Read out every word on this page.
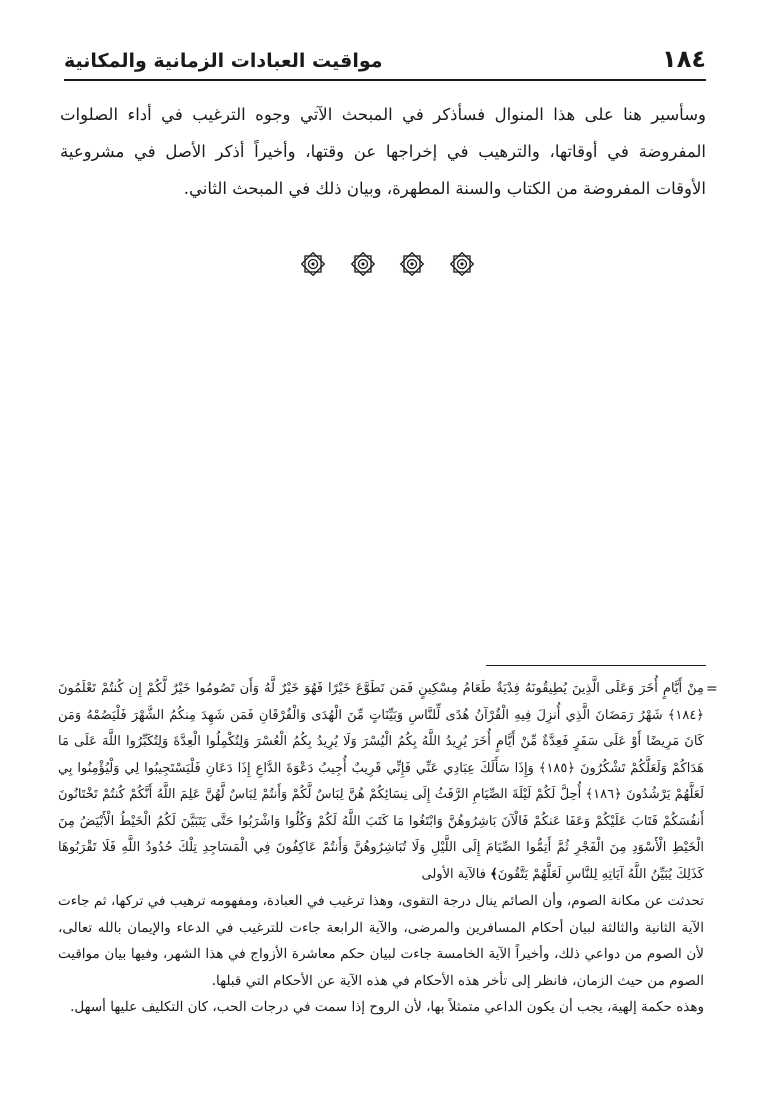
١٨٤
مواقيت العبادات الزمانية والمكانية

وسأسير هنا على هذا المنوال فسأذكر في المبحث الآتي وجوه الترغيب في أداء الصلوات المفروضة في أوقاتها، والترهيب في إخراجها عن وقتها، وأخيراً أذكر الأصل في مشروعية الأوقات المفروضة من الكتاب والسنة المطهرة، وبيان ذلك في المبحث الثاني.

=

مِنْ أَيَّامٍ أُخَرَ وَعَلَى الَّذِينَ يُطِيقُونَهُ فِدْيَةٌ طَعَامُ مِسْكِينٍ فَمَن تَطَوَّعَ خَيْرًا فَهُوَ خَيْرٌ لَّهُ وَأَن تَصُومُوا خَيْرٌ لَّكُمْ إِن كُنتُمْ تَعْلَمُونَ ﴿١٨٤﴾ شَهْرُ رَمَضَانَ الَّذِي أُنزِلَ فِيهِ الْقُرْآنُ هُدًى لِّلنَّاسِ وَبَيِّنَاتٍ مِّنَ الْهُدَى وَالْفُرْقَانِ فَمَن شَهِدَ مِنكُمُ الشَّهْرَ فَلْيَصُمْهُ وَمَن كَانَ مَرِيضًا أَوْ عَلَى سَفَرٍ فَعِدَّةٌ مِّنْ أَيَّامٍ أُخَرَ يُرِيدُ اللَّهُ بِكُمُ الْيُسْرَ وَلَا يُرِيدُ بِكُمُ الْعُسْرَ وَلِتُكْمِلُوا الْعِدَّةَ وَلِتُكَبِّرُوا اللَّهَ عَلَى مَا هَدَاكُمْ وَلَعَلَّكُمْ تَشْكُرُونَ ﴿١٨٥﴾ وَإِذَا سَأَلَكَ عِبَادِي عَنِّي فَإِنِّي قَرِيبٌ أُجِيبُ دَعْوَةَ الدَّاعِ إِذَا دَعَانِ فَلْيَسْتَجِيبُوا لِي وَلْيُؤْمِنُوا بِي لَعَلَّهُمْ يَرْشُدُونَ ﴿١٨٦﴾ أُحِلَّ لَكُمْ لَيْلَةَ الصِّيَامِ الرَّفَثُ إِلَى نِسَائِكُمْ هُنَّ لِبَاسٌ لَّكُمْ وَأَنتُمْ لِبَاسٌ لَّهُنَّ عَلِمَ اللَّهُ أَنَّكُمْ كُنتُمْ تَخْتَانُونَ أَنفُسَكُمْ فَتَابَ عَلَيْكُمْ وَعَفَا عَنكُمْ فَالْآنَ بَاشِرُوهُنَّ وَابْتَغُوا مَا كَتَبَ اللَّهُ لَكُمْ وَكُلُوا وَاشْرَبُوا حَتَّى يَتَبَيَّنَ لَكُمُ الْخَيْطُ الْأَبْيَضُ مِنَ الْخَيْطِ الْأَسْوَدِ مِنَ الْفَجْرِ ثُمَّ أَتِمُّوا الصِّيَامَ إِلَى اللَّيْلِ وَلَا تُبَاشِرُوهُنَّ وَأَنتُمْ عَاكِفُونَ فِي الْمَسَاجِدِ تِلْكَ حُدُودُ اللَّهِ فَلَا تَقْرَبُوهَا كَذَلِكَ يُبَيِّنُ اللَّهُ آيَاتِهِ لِلنَّاسِ لَعَلَّهُمْ يَتَّقُونَ﴾ فالآية الأولى

تحدثت عن مكانة الصوم، وأن الصائم ينال درجة التقوى، وهذا ترغيب في العبادة، ومفهومه ترهيب في تركها، ثم جاءت الآية الثانية والثالثة لبيان أحكام المسافرين والمرضى، والآية الرابعة جاءت للترغيب في الدعاء والإيمان بالله تعالى، لأن الصوم من دواعي ذلك، وأخيراً الآية الخامسة جاءت لبيان حكم معاشرة الأزواج في هذا الشهر، وفيها بيان مواقيت الصوم من حيث الزمان، فانظر إلى تأخر هذه الأحكام في هذه الآية عن الأحكام التي قبلها.

وهذه حكمة إلهية، يجب أن يكون الداعي متمثلاً بها، لأن الروح إذا سمت في درجات الحب، كان التكليف عليها أسهل.
